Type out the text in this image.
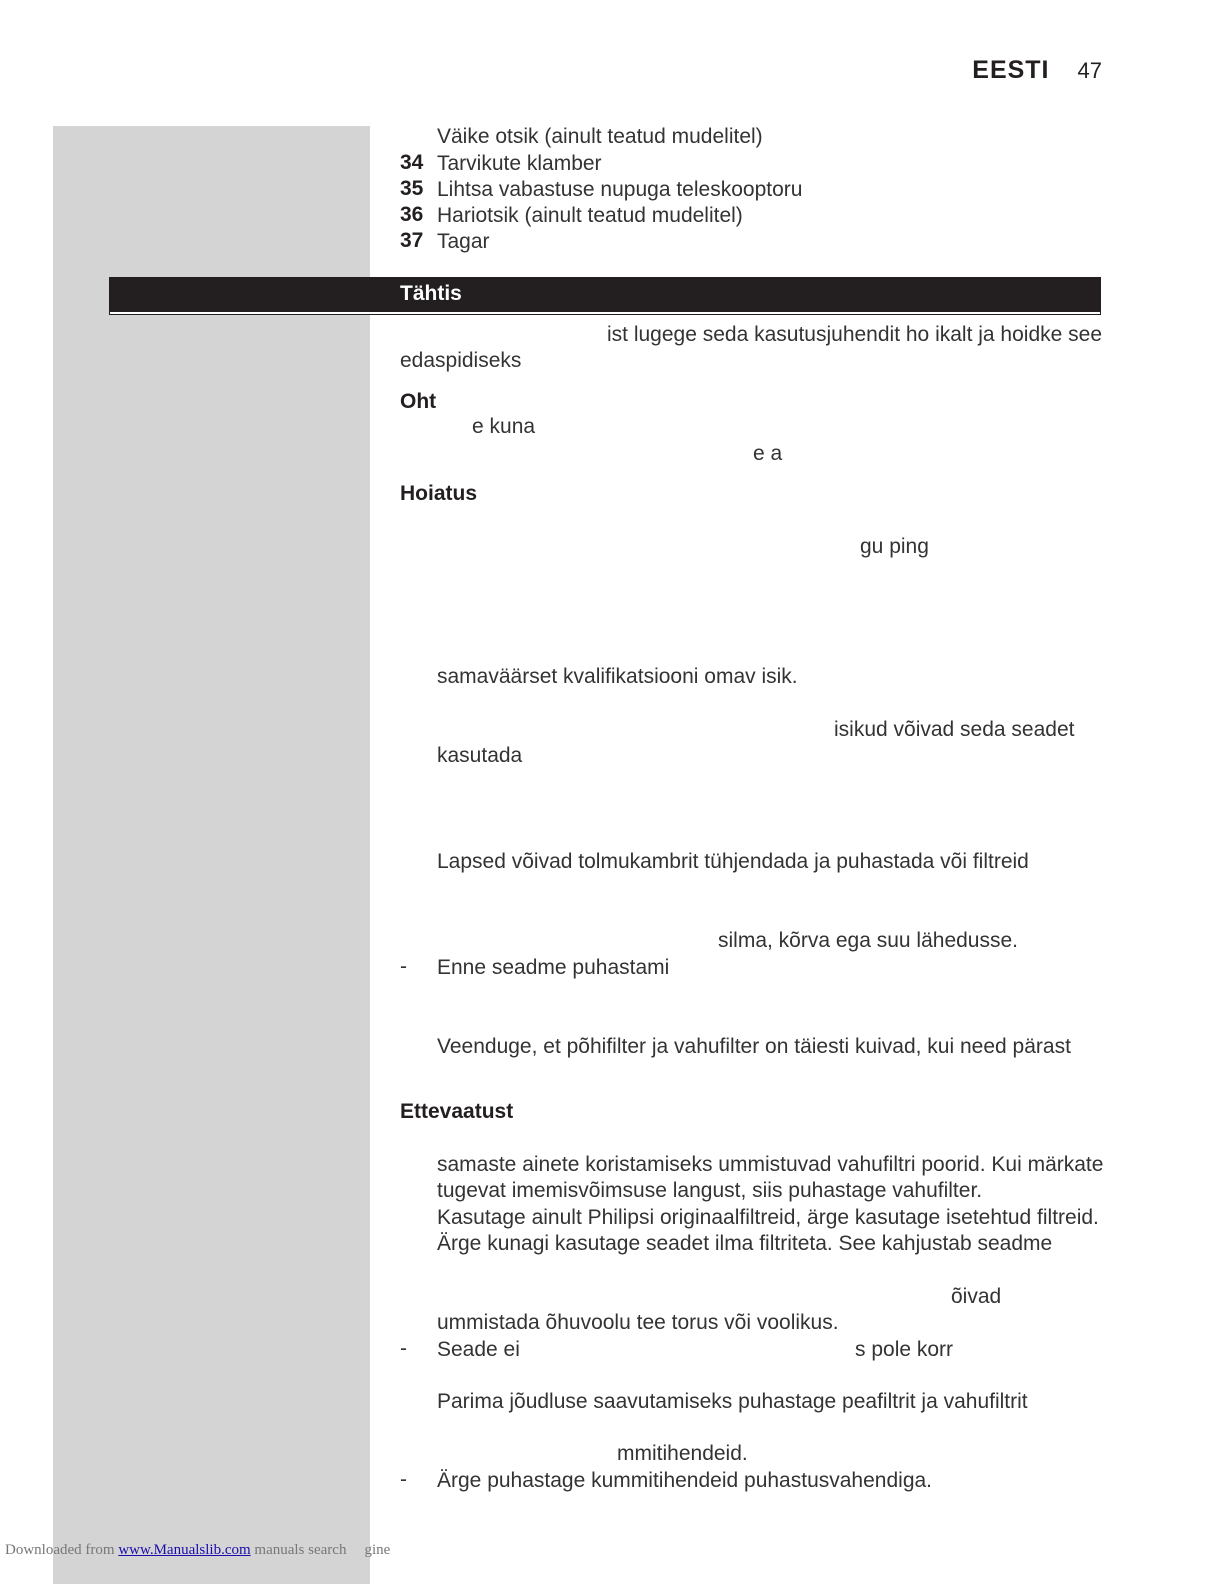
EESTI 47
Väike otsik (ainult teatud mudelitel)
34 Tarvikute klamber
35 Lihtsa vabastuse nupuga teleskooptoru
36 Hariotsik (ainult teatud mudelitel)
37 Tagar
Tähtis
ist lugege seda kasutusjuhendit ho ikalt ja hoidke see
edaspidiseks
Oht
e kuna
e a
Hoiatus
gu ping
samaväärset kvalifikatsiooni omav isik.
isikud võivad seda seadet
kasutada
Lapsed võivad tolmukambrit tühjendada ja puhastada või filtreid
silma, kõrva ega suu lähedusse.
- Enne seadme puhastami
Veenduge, et põhifilter ja vahufilter on täiesti kuivad, kui need pärast
Ettevaatust
samaste ainete koristamiseks ummistuvad vahufiltri poorid. Kui märkate
tugevat imemisvõimsuse langust, siis puhastage vahufilter.
Kasutage ainult Philipsi originaalfiltreid, ärge kasutage isetehtud filtreid.
Ärge kunagi kasutage seadet ilma filtriteta. See kahjustab seadme
õivad
ummistada õhuvoolu tee torus või voolikus.
- Seade ei	s pole korr
Parima jõudluse saavutamiseks puhastage peafiltrit ja vahufiltrit
mmitihendeid.
- Ärge puhastage kummitihendeid puhastusvahendiga.
Downloaded from www.Manualslib.com manuals search gine
